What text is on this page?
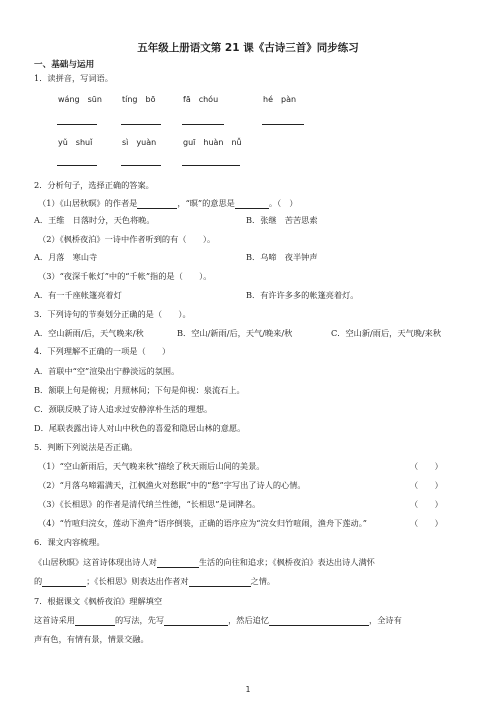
五年级上册语文第 21 课《古诗三首》同步练习
一、基础与运用
1．读拼音，写词语。
wáng　sūn	tíng　bō	fā　chóu	hé　pàn
yǔ　shuǐ	sì　yuàn	guī　huàn　nǚ
2．分析句子，选择正确的答案。
（1）《山居秋暝》的作者是	，“暝”的意思是	。（　）
A．王维　日落时分，天色将晚。	B．张继　苦苦思索
（2）《枫桥夜泊》一诗中作者听到的有（　　）。
A．月落　寒山寺	B．乌啼　夜半钟声
（3）“夜深千帐灯”中的“千帐”指的是（　　）。
A．有一千座帐篷亮着灯	B．有许许多多的帐篷亮着灯。
3．下列诗句的节奏划分正确的是（　　）。
A．空山新雨/后，天气晚来/秋	B．空山/新雨/后，天气/晚来/秋	C．空山新/雨后，天气晚/来秋
4．下列理解不正确的一项是（　　）
A．首联中“空”渲染出宁静淡远的氛围。
B．颔联上句是俯视；月照林间；下句是仰视：泉流石上。
C．颈联反映了诗人追求过安静淳朴生活的理想。
D．尾联表露出诗人对山中秋色的喜爱和隐居山林的意愿。
5．判断下列说法是否正确。
（1）“空山新雨后，天气晚来秋”描绘了秋天雨后山间的美景。	（　　）
（2）“月落乌啼霜满天，江枫渔火对愁眠”中的“愁”字写出了诗人的心情。	（　　）
（3）《长相思》的作者是清代纳兰性德，“长相思”是词牌名。	（　　）
（4）“竹喧归浣女，莲动下渔舟”语序倒装，正确的语序应为“浣女归竹喧闹，渔舟下莲动。”	（　　）
6．课文内容梳理。
《山居秋暝》这首诗体现出诗人对	生活的向往和追求；《枫桥夜泊》表达出诗人满怀
的	；《长相思》则表达出作者对	之情。
7．根据课文《枫桥夜泊》理解填空
这首诗采用	的写法，先写	，然后追忆	，全诗有
声有色，有情有景，情景交融。
1
